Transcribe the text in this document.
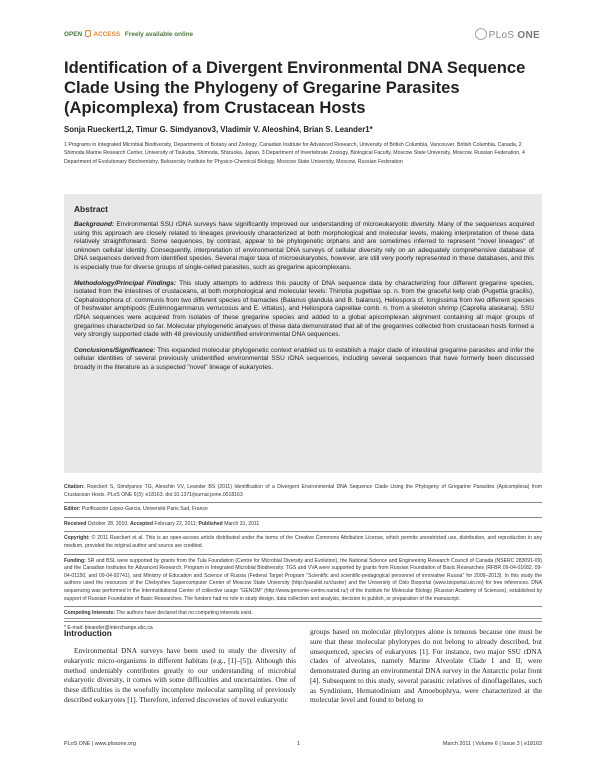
OPEN ACCESS Freely available online	PLoS ONE
Identification of a Divergent Environmental DNA Sequence Clade Using the Phylogeny of Gregarine Parasites (Apicomplexa) from Crustacean Hosts
Sonja Rueckert1,2, Timur G. Simdyanov3, Vladimir V. Aleoshin4, Brian S. Leander1*
1 Programs in Integrated Microbial Biodiversity, Departments of Botany and Zoology, Canadian Institute for Advanced Research, University of British Columbia, Vancouver, British Columbia, Canada, 2 Shimoda Marine Research Center, University of Tsukuba, Shimoda, Shizuoka, Japan, 3 Department of Invertebrate Zoology, Biological Faculty, Moscow State University, Moscow, Russian Federation, 4 Department of Evolutionary Biochemistry, Belozersky Institute for Physico-Chemical Biology, Moscow State University, Moscow, Russian Federation
Abstract

Background: Environmental SSU rDNA surveys have significantly improved our understanding of microeukaryotic diversity. Many of the sequences acquired using this approach are closely related to lineages previously characterized at both morphological and molecular levels, making interpretation of these data relatively straightforward. Some sequences, by contrast, appear to be phylogenetic orphans and are sometimes inferred to represent "novel lineages" of unknown cellular identity. Consequently, interpretation of environmental DNA surveys of cellular diversity rely on an adequately comprehensive database of DNA sequences derived from identified species. Several major taxa of microeukaryotes, however, are still very poorly represented in these databases, and this is especially true for diverse groups of single-celled parasites, such as gregarine apicomplexans.

Methodology/Principal Findings: This study attempts to address this paucity of DNA sequence data by characterizing four different gregarine species, isolated from the intestines of crustaceans, at both morphological and molecular levels: Thiriotia pugettiae sp. n. from the graceful kelp crab (Pugettia gracilis), Cephaloidophora cf. communis from two different species of barnacles (Balanus glandula and B. balanus), Heliospora cf. longissima from two different species of freshwater amphipods (Eulimnogammarus verrucosus and E. vittatus), and Heliospora caprellae comb. n. from a skeleton shrimp (Caprella alaskana). SSU rDNA sequences were acquired from isolates of these gregarine species and added to a global apicomplexan alignment containing all major groups of gregarines characterized so far. Molecular phylogenetic analyses of these data demonstrated that all of the gregarines collected from crustacean hosts formed a very strongly supported clade with 48 previously unidentified environmental DNA sequences.

Conclusions/Significance: This expanded molecular phylogenetic context enabled us to establish a major clade of intestinal gregarine parasites and infer the cellular identities of several previously unidentified environmental SSU rDNA sequences, including several sequences that have formerly been discussed broadly in the literature as a suspected "novel" lineage of eukaryotes.

Citation: Rueckert S, Simdyanov TG, Aleoshin VV, Leander BS (2011) Identification of a Divergent Environmental DNA Sequence Clade Using the Phylogeny of Gregarine Parasites (Apicomplexa) from Crustacean Hosts. PLoS ONE 6(3): e18163. doi:10.1371/journal.pone.0018163

Editor: Purificación Lopez-Garcia, Université Paris Sud, France

Received October 28, 2010; Accepted February 22, 2011; Published March 31, 2011

Copyright: © 2011 Rueckert et al. This is an open-access article distributed under the terms of the Creative Commons Attribution License, which permits unrestricted use, distribution, and reproduction in any medium, provided the original author and source are credited.

Funding: SR and BSL were supported by grants from the Tula Foundation (Centre for Microbial Diversity and Evolution), the National Science and Engineering Research Council of Canada (NSERC 283091-09) and the Canadian Institutes for Advanced Research, Program in Integrated Microbial Biodiversity. TGS and VVA were supported by grants from Russian Foundation of Basic Researches (RFBR 09-04-01682, 09-04-01150, and 09-04-92741), and Ministry of Education and Science of Russia (Federal Target Program "Scientific and scientific-pedagogical personnel of innovative Russia" for 2009–2013). In this study the authors used the resources of the Chebyshev Supercomputer Center of Moscow State University (http://parallel.ru/cluster) and the University of Oslo Bioportal (www.bioportal.uio.no) for tree inferences. DNA sequencing was performed in the Interinstitutional Center of collective usage "GENOM" (http://www.genome-centre.narod.ru/) of the Institute for Molecular Biology (Russian Academy of Sciences), established by support of Russian Foundation of Basic Researches. The funders had no role in study design, data collection and analysis, decision to publish, or preparation of the manuscript.

Competing Interests: The authors have declared that no competing interests exist.

* E-mail: bleander@interchange.ubc.ca

Introduction

Environmental DNA surveys have been used to study the diversity of eukaryotic micro-organisms in different habitats (e.g., [1]–[5]). Although this method undeniably contributes greatly to our understanding of microbial eukaryotic diversity, it comes with some difficulties and uncertainties. One of these difficulties is the woefully incomplete molecular sampling of previously described eukaryotes [1]. Therefore, inferred discoveries of novel eukaryotic

groups based on molecular phylotypes alone is tenuous because one must be sure that these molecular phylotypes do not belong to already described, but unsequenced, species of eukaryotes [1]. For instance, two major SSU rDNA clades of alveolates, namely Marine Alveolate Clade I and II, were demonstrated during an environmental DNA survey in the Antarctic polar front [4]. Subsequent to this study, several parasitic relatives of dinoflagellates, such as Syndinium, Hematodinium and Amoebophrya, were characterized at the molecular level and found to belong to

PLoS ONE | www.plosone.org	1	March 2011 | Volume 6 | Issue 3 | e18163
